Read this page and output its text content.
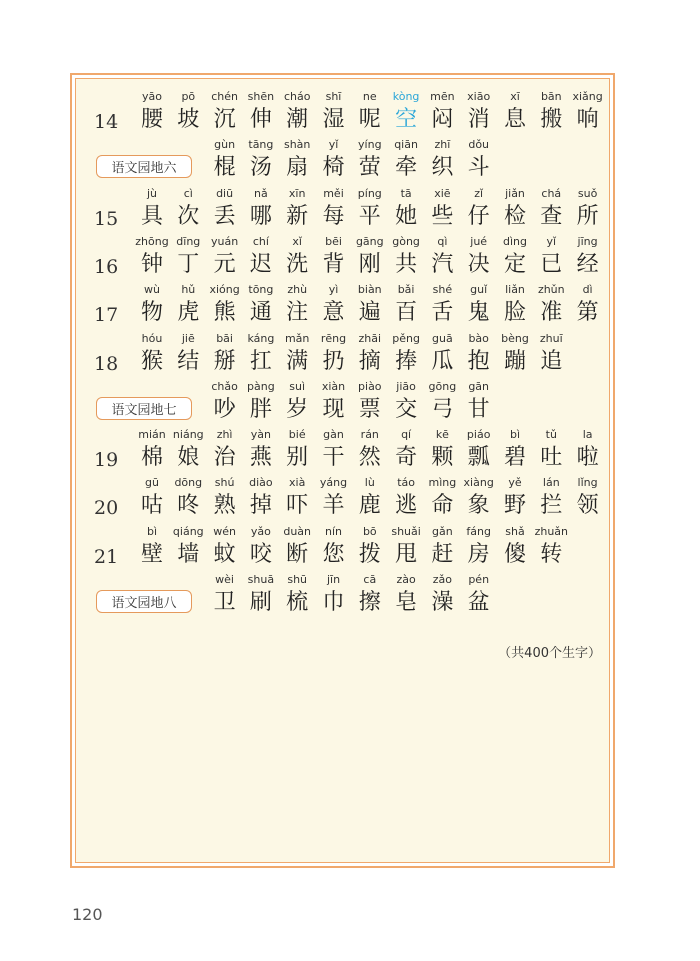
（共400个生字）
14
yāo
腰
pō
坡
chén
沉
shēn
伸
cháo
潮
shī
湿
ne
呢
kòng
空
mēn
闷
xiāo
消
xī
息
bān
搬
xiǎng
响
语文园地六
gùn
棍
tāng
汤
shàn
扇
yǐ
椅
yíng
萤
qiān
牵
zhī
织
dǒu
斗
15
jù
具
cì
次
diū
丢
nǎ
哪
xīn
新
měi
每
píng
平
tā
她
xiē
些
zǐ
仔
jiǎn
检
chá
查
suǒ
所
16
zhōng
钟
dīng
丁
yuán
元
chí
迟
xǐ
洗
bēi
背
gāng
刚
gòng
共
qì
汽
jué
决
dìng
定
yǐ
已
jīng
经
17
wù
物
hǔ
虎
xióng
熊
tōng
通
zhù
注
yì
意
biàn
遍
bǎi
百
shé
舌
guǐ
鬼
liǎn
脸
zhǔn
准
dì
第
18
hóu
猴
jiē
结
bāi
掰
káng
扛
mǎn
满
rēng
扔
zhāi
摘
pěng
捧
guā
瓜
bào
抱
bèng
蹦
zhuī
追
语文园地七
chǎo
吵
pàng
胖
suì
岁
xiàn
现
piào
票
jiāo
交
gōng
弓
gān
甘
19
mián
棉
niáng
娘
zhì
治
yàn
燕
bié
别
gàn
干
rán
然
qí
奇
kē
颗
piáo
瓢
bì
碧
tǔ
吐
la
啦
20
gū
咕
dōng
咚
shú
熟
diào
掉
xià
吓
yáng
羊
lù
鹿
táo
逃
mìng
命
xiàng
象
yě
野
lán
拦
lǐng
领
21
bì
壁
qiáng
墙
wén
蚊
yǎo
咬
duàn
断
nín
您
bō
拨
shuǎi
甩
gǎn
赶
fáng
房
shǎ
傻
zhuǎn
转
语文园地八
wèi
卫
shuā
刷
shū
梳
jīn
巾
cā
擦
zào
皂
zǎo
澡
pén
盆
120
